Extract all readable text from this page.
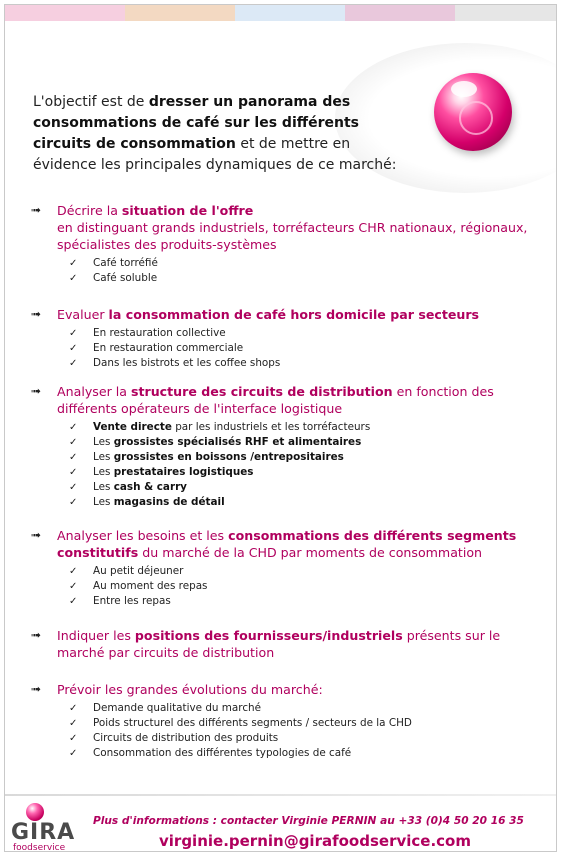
L'objectif est de dresser un panorama des consommations de café sur les différents circuits de consommation et de mettre en évidence les principales dynamiques de ce marché:
➟ Décrire la situation de l'offre
en distinguant grands industriels, torréfacteurs CHR nationaux, régionaux, spécialistes des produits-systèmes
✓ Café torréfié
✓ Café soluble
➟ Evaluer la consommation de café hors domicile par secteurs
✓ En restauration collective
✓ En restauration commerciale
✓ Dans les bistrots et les coffee shops
➟ Analyser la structure des circuits de distribution en fonction des différents opérateurs de l'interface logistique
✓ Vente directe par les industriels et les torréfacteurs
✓ Les grossistes spécialisés RHF et alimentaires
✓ Les grossistes en boissons /entrepositaires
✓ Les prestataires logistiques
✓ Les cash & carry
✓ Les magasins de détail
➟ Analyser les besoins et les consommations des différents segments constitutifs du marché de la CHD par moments de consommation
✓ Au petit déjeuner
✓ Au moment des repas
✓ Entre les repas
➟ Indiquer les positions des fournisseurs/industriels présents sur le marché par circuits de distribution
➟ Prévoir les grandes évolutions du marché:
✓ Demande qualitative du marché
✓ Poids structurel des différents segments / secteurs de la CHD
✓ Circuits de distribution des produits
✓ Consommation des différentes typologies de café
GIRA
foodservice
Plus d'informations : contacter Virginie PERNIN au +33 (0)4 50 20 16 35
virginie.pernin@girafoodservice.com
